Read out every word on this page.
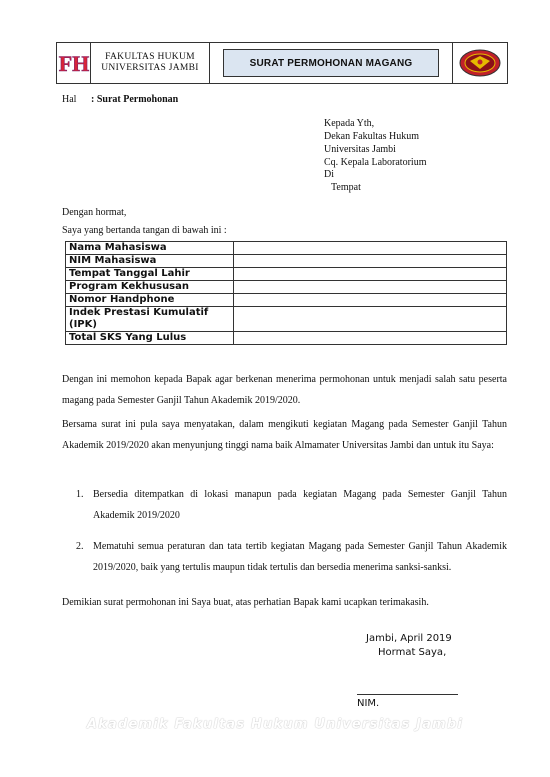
FH FAKULTAS HUKUM
UNIVERSITAS JAMBI	SURAT PERMOHONAN MAGANG
Hal : Surat Permohonan
Kepada Yth,
Dekan Fakultas Hukum
Universitas Jambi
Cq. Kepala Laboratorium
Di
Tempat
Dengan hormat,
Saya yang bertanda tangan di bawah ini :
Nama Mahasiswa	
NIM Mahasiswa	
Tempat Tanggal Lahir	
Program Kekhususan	
Nomor Handphone	
Indek Prestasi Kumulatif (IPK)	
Total SKS Yang Lulus	
Dengan ini memohon kepada Bapak agar berkenan menerima permohonan untuk menjadi salah satu peserta magang pada Semester Ganjil Tahun Akademik 2019/2020.
Bersama surat ini pula saya menyatakan, dalam mengikuti kegiatan Magang pada Semester Ganjil Tahun Akademik 2019/2020 akan menyunjung tinggi nama baik Almamater Universitas Jambi dan untuk itu Saya:
1. Bersedia ditempatkan di lokasi manapun pada kegiatan Magang pada Semester Ganjil Tahun Akademik 2019/2020
2. Mematuhi semua peraturan dan tata tertib kegiatan Magang pada Semester Ganjil Tahun Akademik 2019/2020, baik yang tertulis maupun tidak tertulis dan bersedia menerima sanksi-sanksi.
Demikian surat permohonan ini Saya buat, atas perhatian Bapak kami ucapkan terimakasih.
Jambi, April 2019
Hormat Saya,
NIM.
Akademik Fakultas Hukum Universitas Jambi
